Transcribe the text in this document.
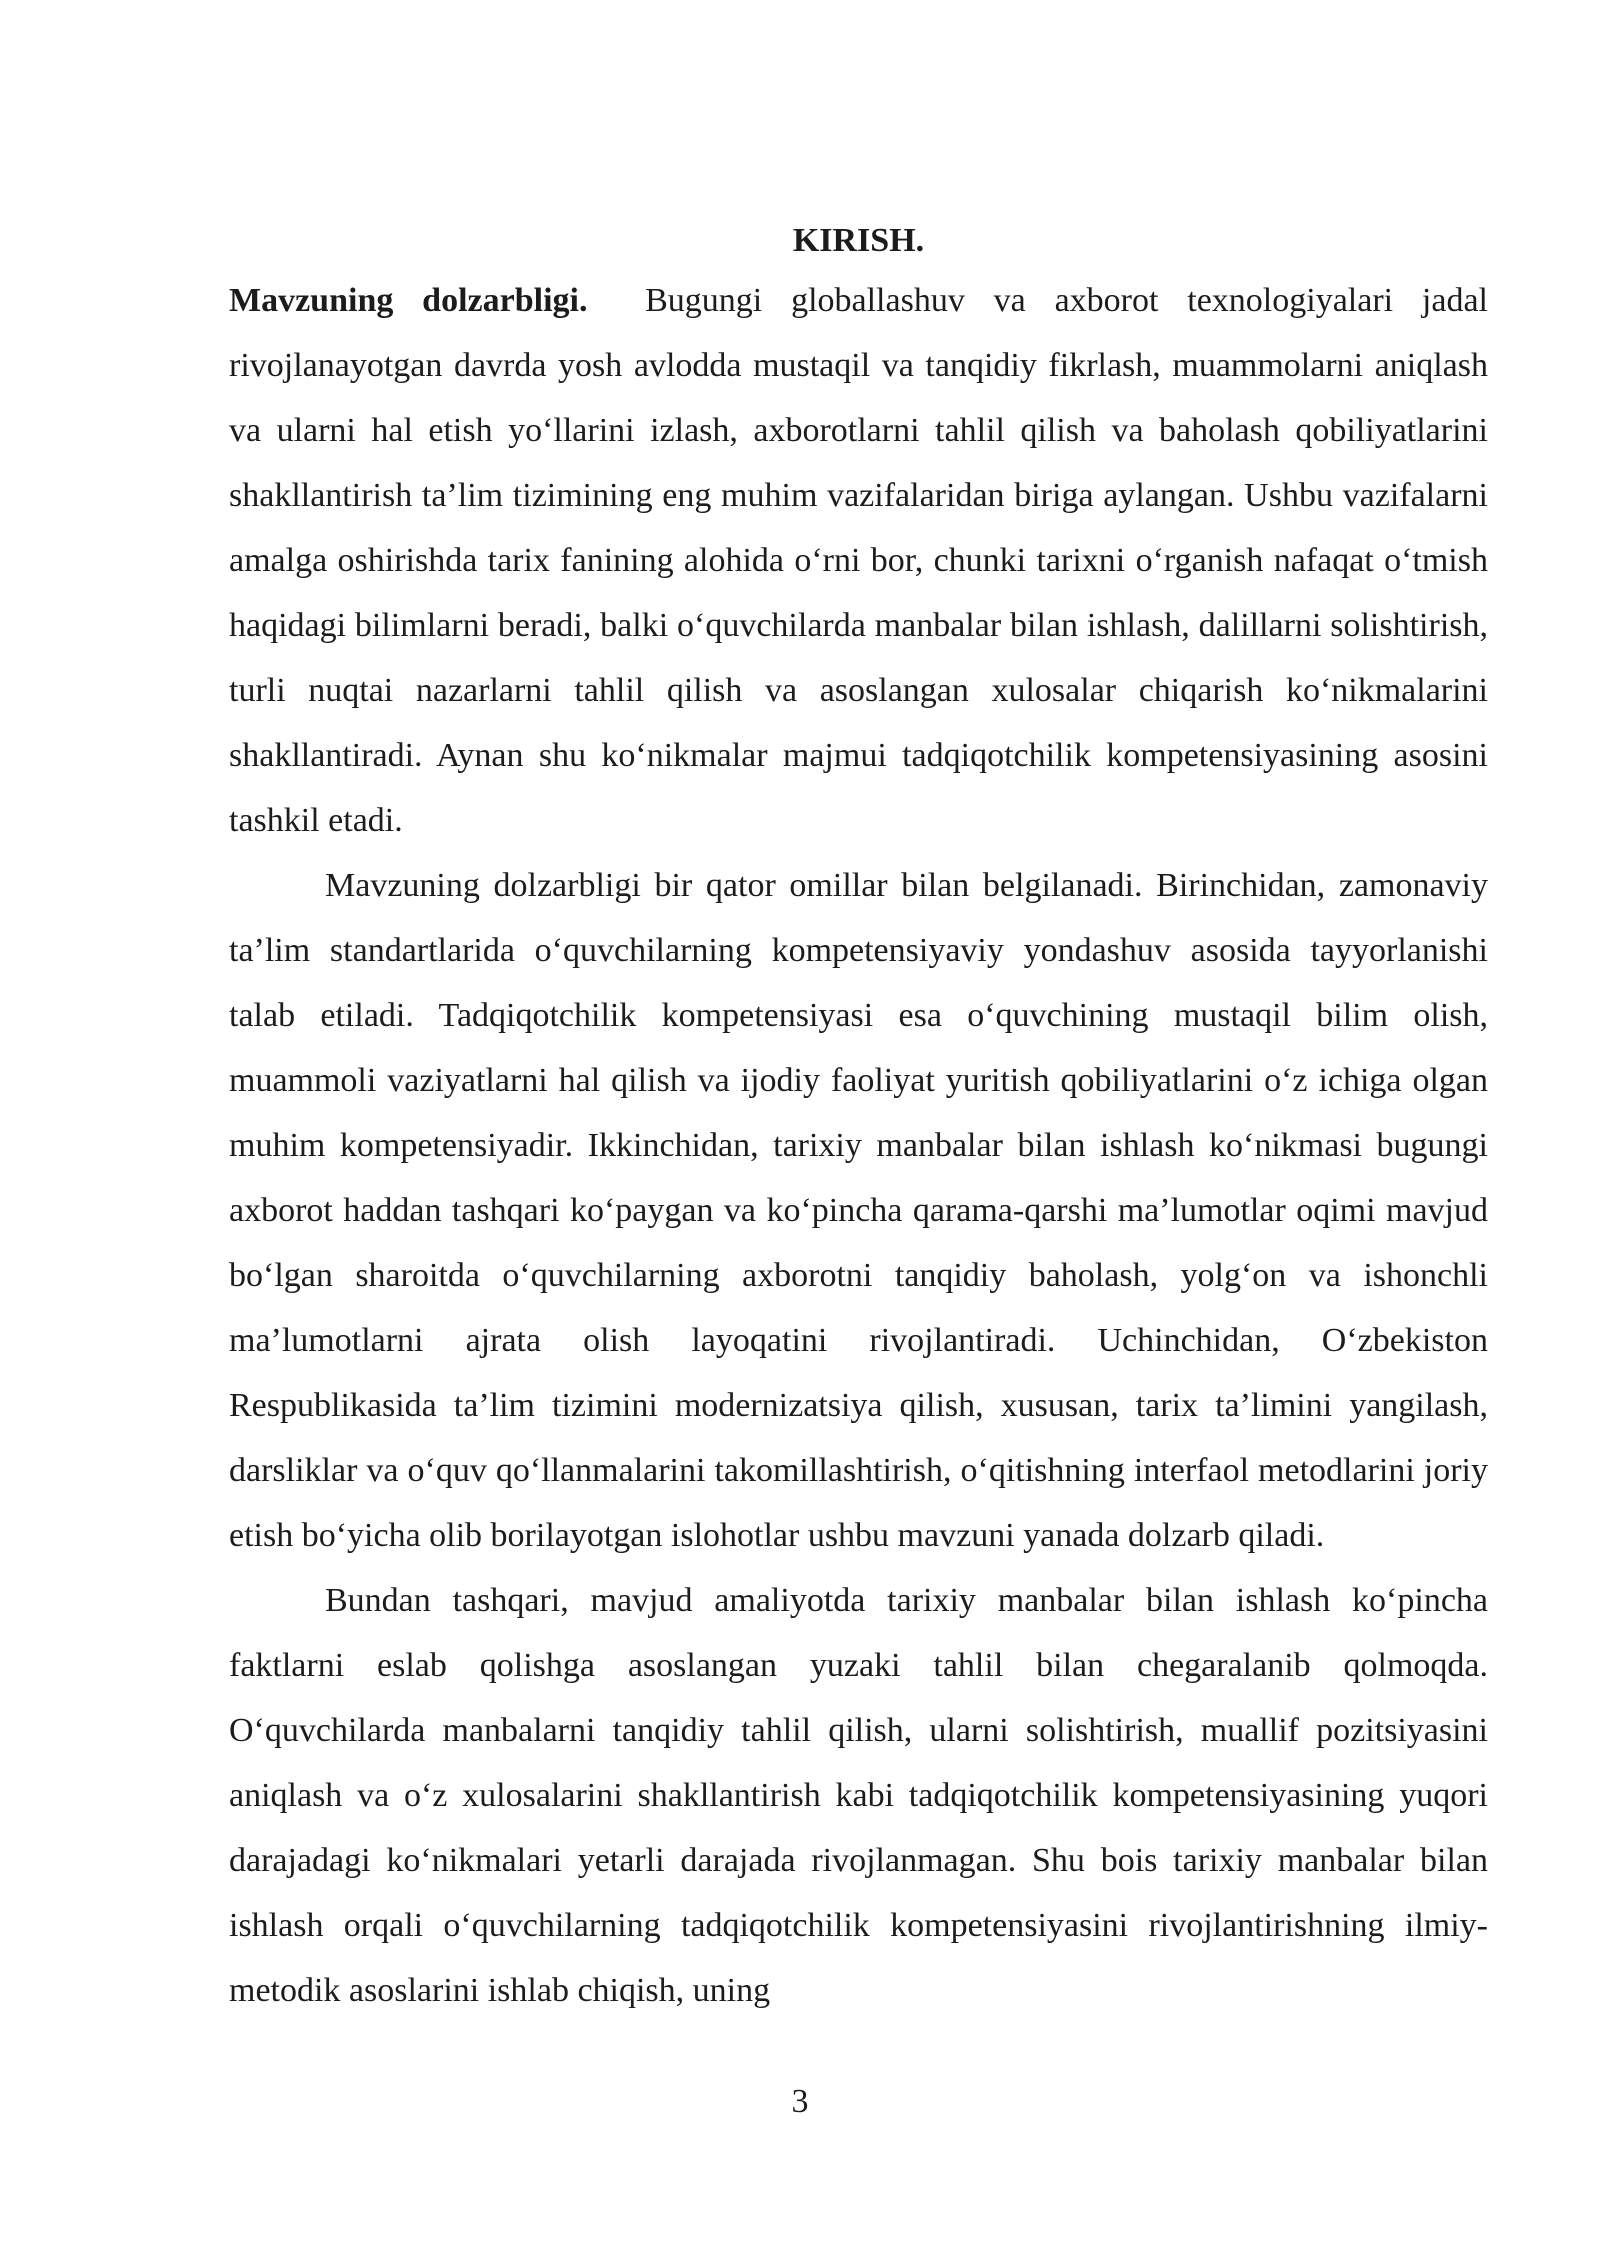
KIRISH.

Mavzuning dolzarbligi. Bugungi globallashuv va axborot texnologiyalari jadal rivojlanayotgan davrda yosh avlodda mustaqil va tanqidiy fikrlash, muammolarni aniqlash va ularni hal etish yo‘llarini izlash, axborotlarni tahlil qilish va baholash qobiliyatlarini shakllantirish ta’lim tizimining eng muhim vazifalaridan biriga aylangan. Ushbu vazifalarni amalga oshirishda tarix fanining alohida o‘rni bor, chunki tarixni o‘rganish nafaqat o‘tmish haqidagi bilimlarni beradi, balki o‘quvchilarda manbalar bilan ishlash, dalillarni solishtirish, turli nuqtai nazarlarni tahlil qilish va asoslangan xulosalar chiqarish ko‘nikmalarini shakllantiradi. Aynan shu ko‘nikmalar majmui tadqiqotchilik kompetensiyasining asosini tashkil etadi.

Mavzuning dolzarbligi bir qator omillar bilan belgilanadi. Birinchidan, zamonaviy ta’lim standartlarida o‘quvchilarning kompetensiyaviy yondashuv asosida tayyorlanishi talab etiladi. Tadqiqotchilik kompetensiyasi esa o‘quvchining mustaqil bilim olish, muammoli vaziyatlarni hal qilish va ijodiy faoliyat yuritish qobiliyatlarini o‘z ichiga olgan muhim kompetensiyadir. Ikkinchidan, tarixiy manbalar bilan ishlash ko‘nikmasi bugungi axborot haddan tashqari ko‘paygan va ko‘pincha qarama-qarshi ma’lumotlar oqimi mavjud bo‘lgan sharoitda o‘quvchilarning axborotni tanqidiy baholash, yolg‘on va ishonchli ma’lumotlarni ajrata olish layoqatini rivojlantiradi. Uchinchidan, O‘zbekiston Respublikasida ta’lim tizimini modernizatsiya qilish, xususan, tarix ta’limini yangilash, darsliklar va o‘quv qo‘llanmalarini takomillashtirish, o‘qitishning interfaol metodlarini joriy etish bo‘yicha olib borilayotgan islohotlar ushbu mavzuni yanada dolzarb qiladi.

Bundan tashqari, mavjud amaliyotda tarixiy manbalar bilan ishlash ko‘pincha faktlarni eslab qolishga asoslangan yuzaki tahlil bilan chegaralanib qolmoqda. O‘quvchilarda manbalarni tanqidiy tahlil qilish, ularni solishtirish, muallif pozitsiyasini aniqlash va o‘z xulosalarini shakllantirish kabi tadqiqotchilik kompetensiyasining yuqori darajadagi ko‘nikmalari yetarli darajada rivojlanmagan. Shu bois tarixiy manbalar bilan ishlash orqali o‘quvchilarning tadqiqotchilik kompetensiyasini rivojlantirishning ilmiy-metodik asoslarini ishlab chiqish, uning

3
